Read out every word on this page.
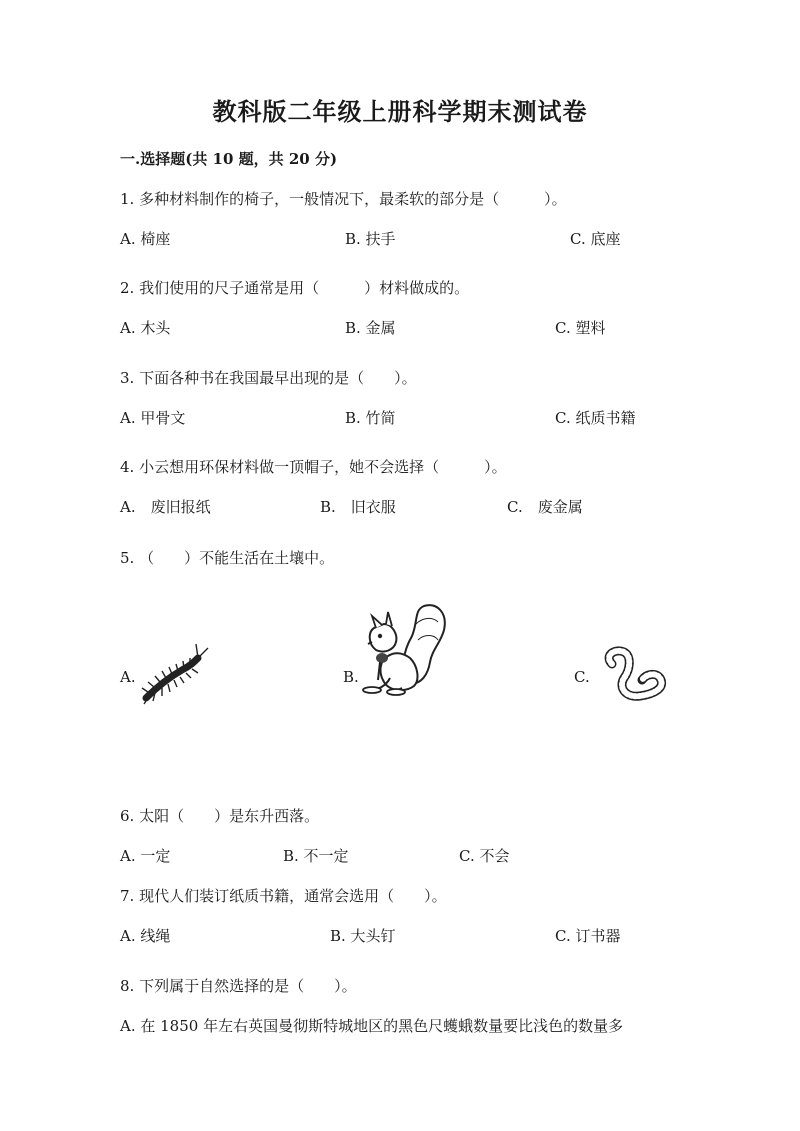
教科版二年级上册科学期末测试卷
一.选择题(共 10 题，共 20 分)
1. 多种材料制作的椅子，一般情况下，最柔软的部分是（　　　）。
A. 椅座	B. 扶手	C. 底座
2. 我们使用的尺子通常是用（　　　）材料做成的。
A. 木头	B. 金属	C. 塑料
3. 下面各种书在我国最早出现的是（　　）。
A. 甲骨文	B. 竹简	C. 纸质书籍
4. 小云想用环保材料做一顶帽子，她不会选择（　　　）。
A.　废旧报纸	B.　旧衣服	C.　废金属
5. （　　）不能生活在土壤中。
A.	B.	C.
6. 太阳（　　）是东升西落。
A. 一定	B. 不一定	C. 不会
7. 现代人们装订纸质书籍，通常会选用（　　）。
A. 线绳	B. 大头钉	C. 订书器
8. 下列属于自然选择的是（　　）。
A. 在 1850 年左右英国曼彻斯特城地区的黑色尺蠖蛾数量要比浅色的数量多
